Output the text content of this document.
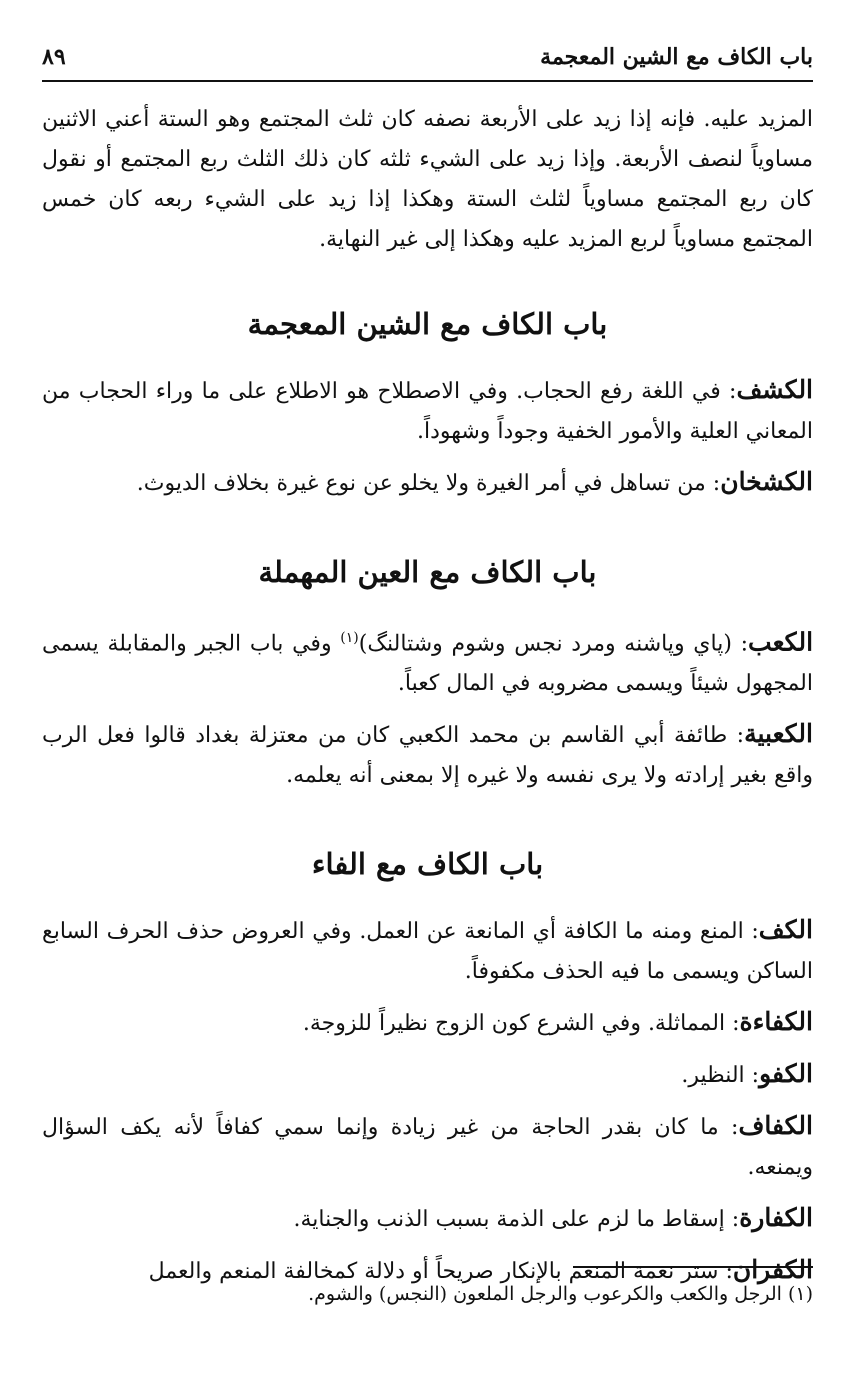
باب الكاف مع الشين المعجمة
٨٩

المزيد عليه. فإنه إذا زيد على الأربعة نصفه كان ثلث المجتمع وهو الستة أعني الاثنين مساوياً لنصف الأربعة. وإذا زيد على الشيء ثلثه كان ذلك الثلث ربع المجتمع أو نقول كان ربع المجتمع مساوياً لثلث الستة وهكذا إذا زيد على الشيء ربعه كان خمس المجتمع مساوياً لربع المزيد عليه وهكذا إلى غير النهاية.

باب الكاف مع الشين المعجمة

الكشف: في اللغة رفع الحجاب. وفي الاصطلاح هو الاطلاع على ما وراء الحجاب من المعاني العلية والأمور الخفية وجوداً وشهوداً.

الكشخان: من تساهل في أمر الغيرة ولا يخلو عن نوع غيرة بخلاف الديوث.

باب الكاف مع العين المهملة

الكعب: (پاي وپاشنه ومرد نجس وشوم وشتالنگ)$^{(١)}$ وفي باب الجبر والمقابلة يسمى المجهول شيئاً ويسمى مضروبه في المال كعباً.

الكعبية: طائفة أبي القاسم بن محمد الكعبي كان من معتزلة بغداد قالوا فعل الرب واقع بغير إرادته ولا يرى نفسه ولا غيره إلا بمعنى أنه يعلمه.

باب الكاف مع الفاء

الكف: المنع ومنه ما الكافة أي المانعة عن العمل. وفي العروض حذف الحرف السابع الساكن ويسمى ما فيه الحذف مكفوفاً.

الكفاءة: المماثلة. وفي الشرع كون الزوج نظيراً للزوجة.

الكفو: النظير.

الكفاف: ما كان بقدر الحاجة من غير زيادة وإنما سمي كفافاً لأنه يكف السؤال ويمنعه.

الكفارة: إسقاط ما لزم على الذمة بسبب الذنب والجناية.

الكفران: ستر نعمة المنعم بالإنكار صريحاً أو دلالة كمخالفة المنعم والعمل

(١) الرجل والكعب والكرعوب والرجل الملعون (النجس) والشوم.
